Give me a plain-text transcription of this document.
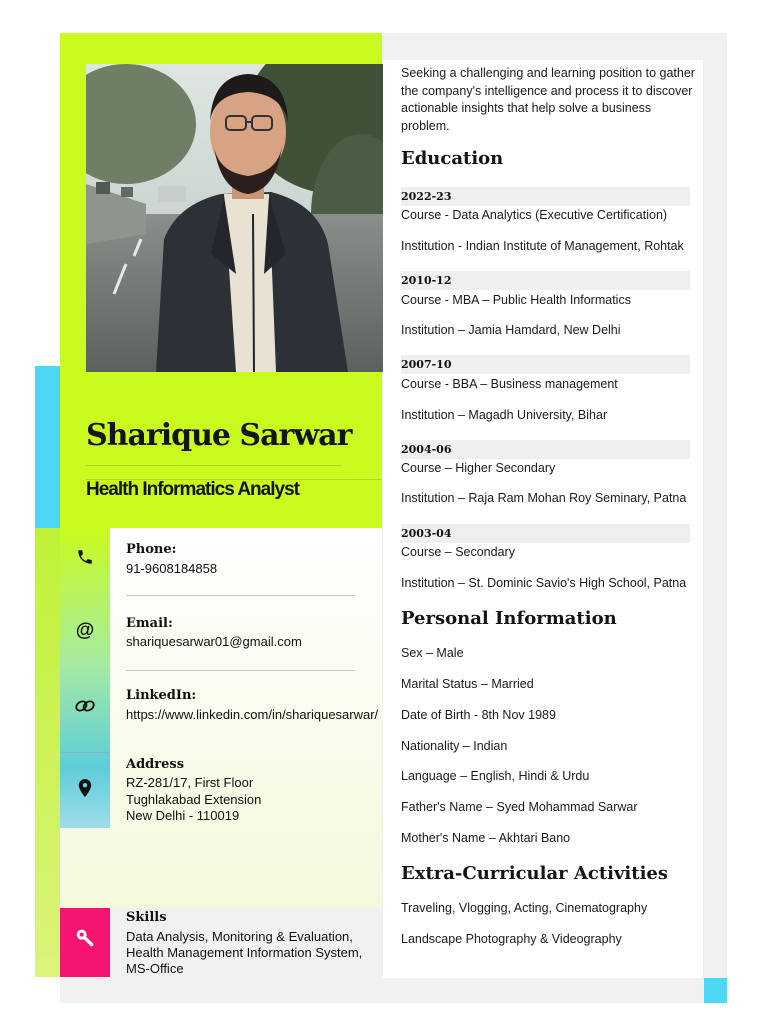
Sharique Sarwar
Health Informatics Analyst
Phone:
91-9608184858
@	Email:
shariquesarwar01@gmail.com
LinkedIn:
https://www.linkedin.com/in/shariquesarwar/
Address
RZ-281/17, First Floor
Tughlakabad Extension
New Delhi - 110019
Skills
Data Analysis, Monitoring & Evaluation,
Health Management Information System,
MS-Office
Seeking a challenging and learning position to gather the company's intelligence and process it to discover actionable insights that help solve a business problem.
Education
2022-23
Course - Data Analytics (Executive Certification)
Institution - Indian Institute of Management, Rohtak
2010-12
Course - MBA – Public Health Informatics
Institution – Jamia Hamdard, New Delhi
2007-10
Course - BBA – Business management
Institution – Magadh University, Bihar
2004-06
Course – Higher Secondary
Institution – Raja Ram Mohan Roy Seminary, Patna
2003-04
Course – Secondary
Institution – St. Dominic Savio's High School, Patna
Personal Information
Sex – Male
Marital Status – Married
Date of Birth - 8th Nov 1989
Nationality – Indian
Language – English, Hindi & Urdu
Father's Name – Syed Mohammad Sarwar
Mother's Name – Akhtari Bano
Extra-Curricular Activities
Traveling, Vlogging, Acting, Cinematography
Landscape Photography & Videography
